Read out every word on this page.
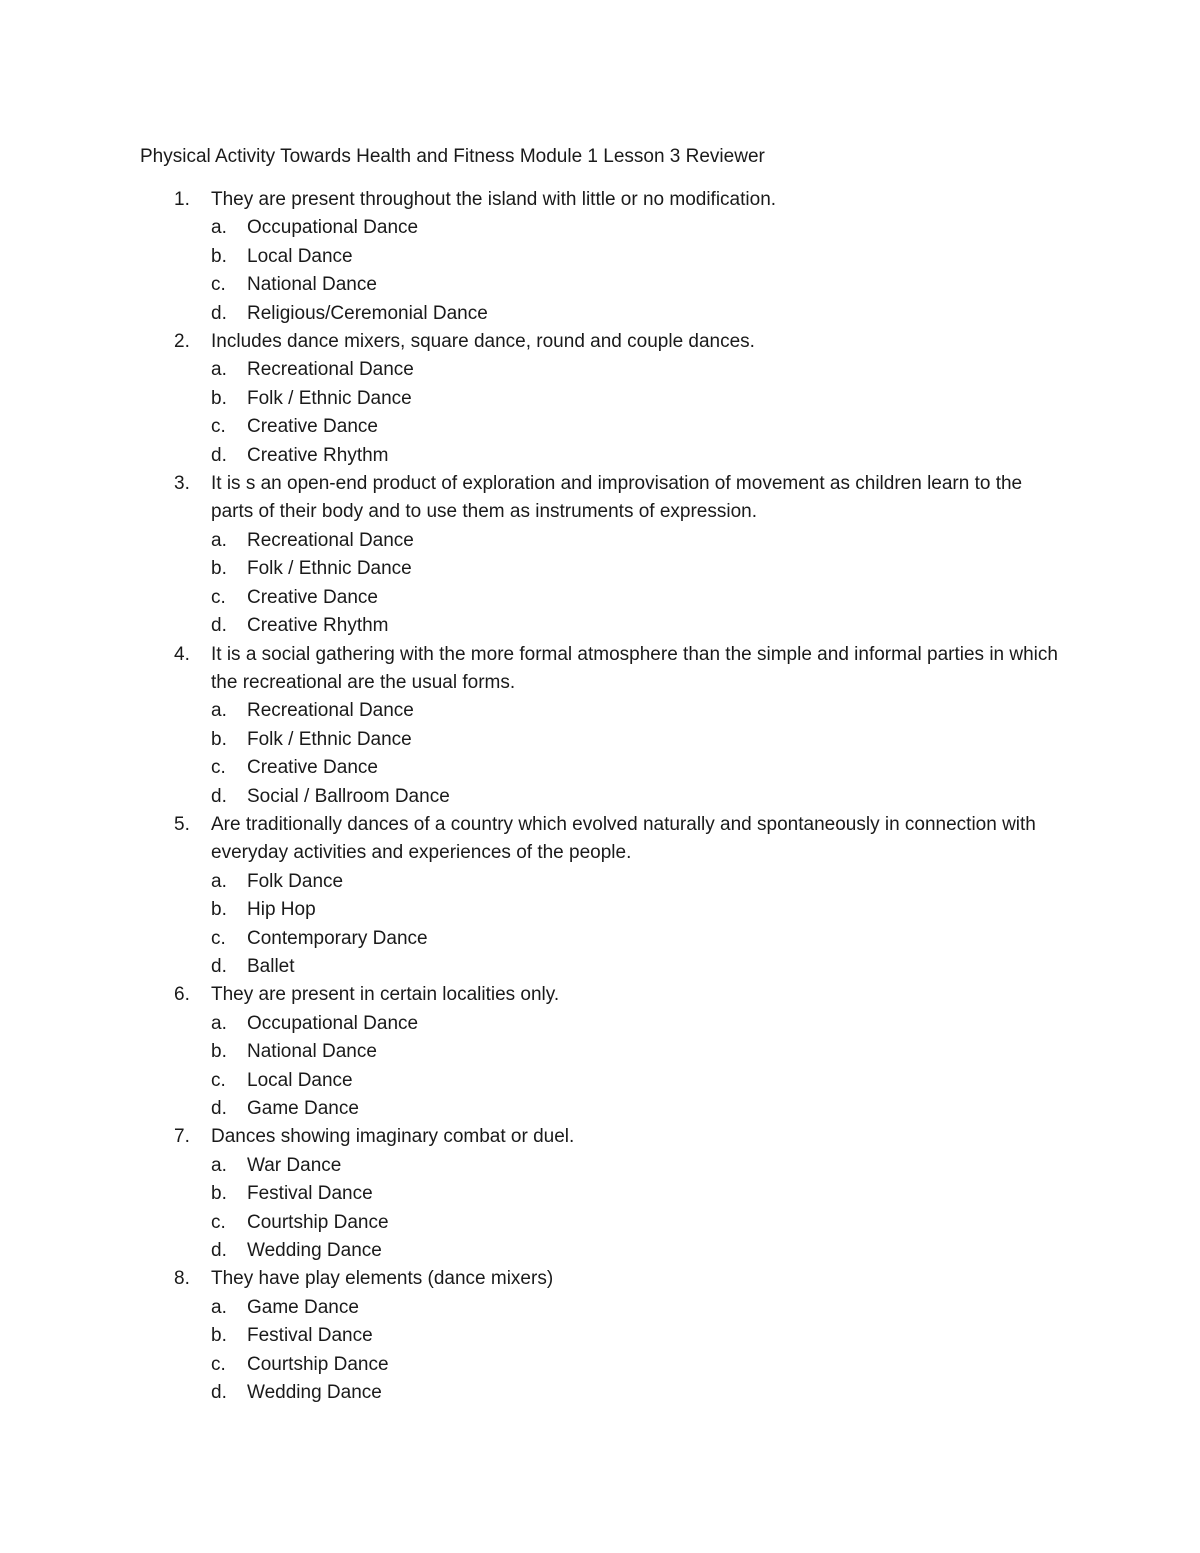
Physical Activity Towards Health and Fitness Module 1 Lesson 3 Reviewer
1.	They are present throughout the island with little or no modification.
a.	Occupational Dance
b.	Local Dance
c.	National Dance
d.	Religious/Ceremonial Dance
2.	Includes dance mixers, square dance, round and couple dances.
a.	Recreational Dance
b.	Folk / Ethnic Dance
c.	Creative Dance
d.	Creative Rhythm
3.	It is s an open-end product of exploration and improvisation of movement as children learn to the parts of their body and to use them as instruments of expression.
a.	Recreational Dance
b.	Folk / Ethnic Dance
c.	Creative Dance
d.	Creative Rhythm
4.	It is a social gathering with the more formal atmosphere than the simple and informal parties in which the recreational are the usual forms.
a.	Recreational Dance
b.	Folk / Ethnic Dance
c.	Creative Dance
d.	Social / Ballroom Dance
5.	Are traditionally dances of a country which evolved naturally and spontaneously in connection with everyday activities and experiences of the people.
a.	Folk Dance
b.	Hip Hop
c.	Contemporary Dance
d.	Ballet
6.	They are present in certain localities only.
a.	Occupational Dance
b.	National Dance
c.	Local Dance
d.	Game Dance
7.	Dances showing imaginary combat or duel.
a.	War Dance
b.	Festival Dance
c.	Courtship Dance
d.	Wedding Dance
8.	They have play elements (dance mixers)
a.	Game Dance
b.	Festival Dance
c.	Courtship Dance
d.	Wedding Dance
